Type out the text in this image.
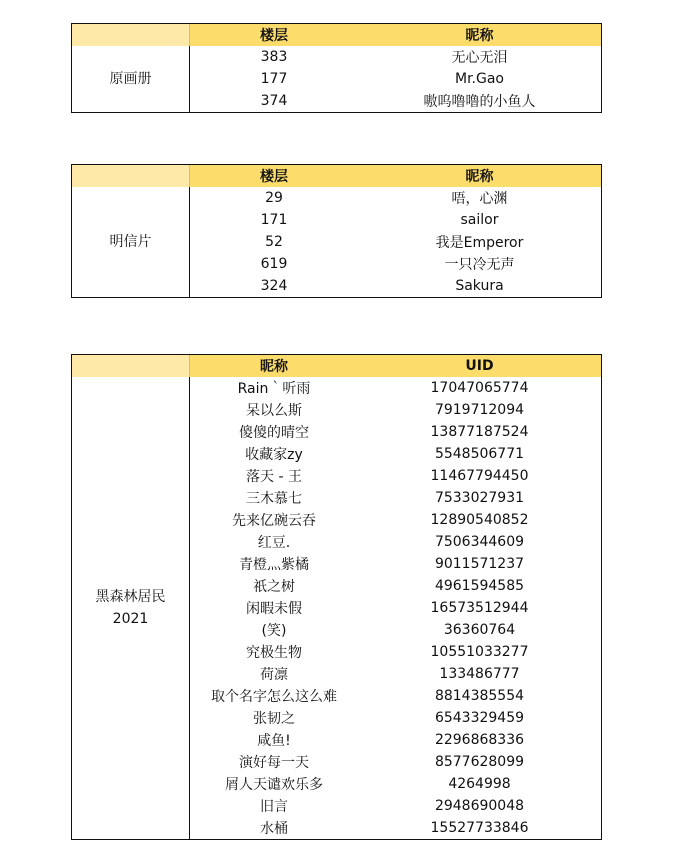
楼层	昵称
原画册
383	无心无泪
177	Mr.Gao
374	嗷呜噜噜的小鱼人
楼层	昵称
明信片
29	唔，心渊
171	sailor
52	我是Emperor
619	一只冷无声
324	Sakura
昵称	UID
黑森林居民
2021
Rain｀听雨	17047065774
呆以么斯	7919712094
傻傻的晴空	13877187524
收藏家zy	5548506771
落天 - 王	11467794450
三木慕七	7533027931
先来亿碗云吞	12890540852
红豆.	7506344609
青橙灬紫橘	9011571237
祇之树	4961594585
闲暇未假	16573512944
(笑)	36360764
究极生物	10551033277
荷凛	133486777
取个名字怎么这么难	8814385554
张韧之	6543329459
咸鱼!	2296868336
演好每一天	8577628099
屑人天谴欢乐多	4264998
旧言	2948690048
水桶	15527733846
